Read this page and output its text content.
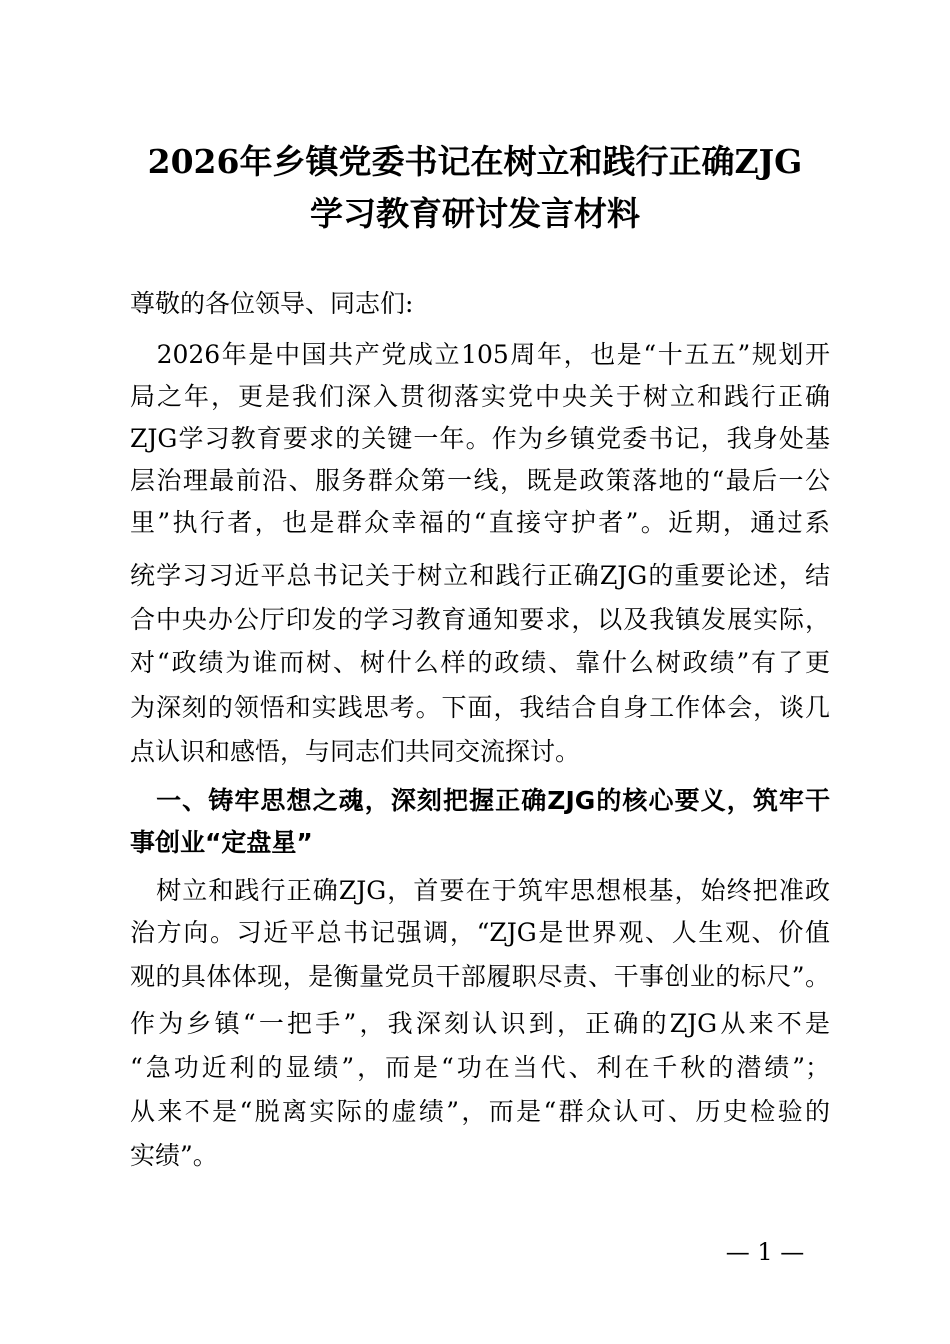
2026年乡镇党委书记在树立和践行正确ZJG
学习教育研讨发言材料
尊敬的各位领导、同志们:
　2026年是中国共产党成立105周年，也是“十五五”规划开
局之年，更是我们深入贯彻落实党中央关于树立和践行正确
ZJG学习教育要求的关键一年。作为乡镇党委书记，我身处基
层治理最前沿、服务群众第一线，既是政策落地的“最后一公
里”执行者，也是群众幸福的“直接守护者”。近期，通过系
统学习习近平总书记关于树立和践行正确ZJG的重要论述，结
合中央办公厅印发的学习教育通知要求，以及我镇发展实际，
对“政绩为谁而树、树什么样的政绩、靠什么树政绩”有了更
为深刻的领悟和实践思考。下面，我结合自身工作体会，谈几
点认识和感悟，与同志们共同交流探讨。
　一、铸牢思想之魂，深刻把握正确ZJG的核心要义，筑牢干
事创业“定盘星”
　树立和践行正确ZJG，首要在于筑牢思想根基，始终把准政
治方向。习近平总书记强调，“ZJG是世界观、人生观、价值
观的具体体现，是衡量党员干部履职尽责、干事创业的标尺”。
作为乡镇“一把手”，我深刻认识到，正确的ZJG从来不是
“急功近利的显绩”，而是“功在当代、利在千秋的潜绩”；
从来不是“脱离实际的虚绩”，而是“群众认可、历史检验的
实绩”。
— 1 —
